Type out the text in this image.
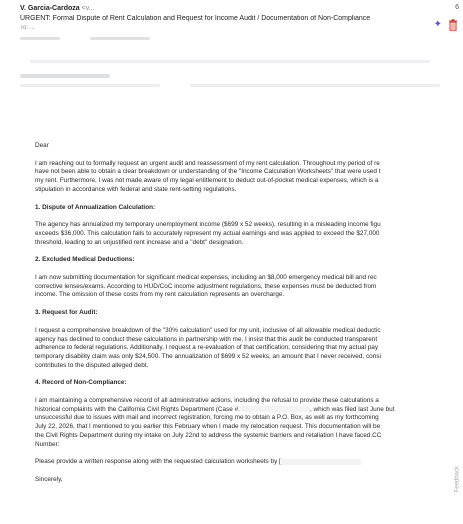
V. Garcia-Cardoza <v...
URGENT: Formal Dispute of Rent Calculation and Request for Income Audit / Documentation of Non-Compliance
To: ...
6
✦

Dear

I am reaching out to formally request an urgent audit and reassessment of my rent calculation. Throughout my period of re
have not been able to obtain a clear breakdown or understanding of the "Income Calculation Worksheets" that were used t
my rent. Furthermore, I was not made aware of my legal entitlement to deduct out-of-pocket medical expenses, which is a
stipulation in accordance with federal and state rent-setting regulations.

1. Dispute of Annualization Calculation:

The agency has annualized my temporary unemployment income ($699 x 52 weeks), resulting in a misleading income figu
exceeds $36,000. This calculation fails to accurately represent my actual earnings and was applied to exceed the $27,000
threshold, leading to an unjustified rent increase and a "debt" designation.

2. Excluded Medical Deductions:

I am now submitting documentation for significant medical expenses, including an $8,000 emergency medical bill and rec
corrective lenses/exams. According to HUD/CoC income adjustment regulations, these expenses must be deducted from
income. The omission of these costs from my rent calculation represents an overcharge.

3. Request for Audit:

I request a comprehensive breakdown of the "30% calculation" used for my unit, inclusive of all allowable medical deductic
agency has declined to conduct these calculations in partnership with me, I insist that this audit be conducted transparent
adherence to federal regulations. Additionally, I request a re-evaluation of that certification, considering that my actual pay
temporary disability claim was only $24,500. The annualization of $699 x 52 weeks, an amount that I never received, consi
contributes to the disputed alleged debt.

4. Record of Non-Compliance:

I am maintaining a comprehensive record of all administrative actions, including the refusal to provide these calculations a
historical complaints with the California Civil Rights Department (Case #.	, which was filed last June but
unsuccessful due to issues with mail and incorrect registration, forcing me to obtain a P.O. Box, as well as my forthcoming
July 22, 2026, that I mentioned to you earlier this February when I made my relocation request. This documentation will be
the Civil Rights Department during my intake on July 22nd to address the systemic barriers and retaliation I have faced.CC
Number:

Please provide a written response along with the requested calculation worksheets by [

Sincerely,	Feedback
